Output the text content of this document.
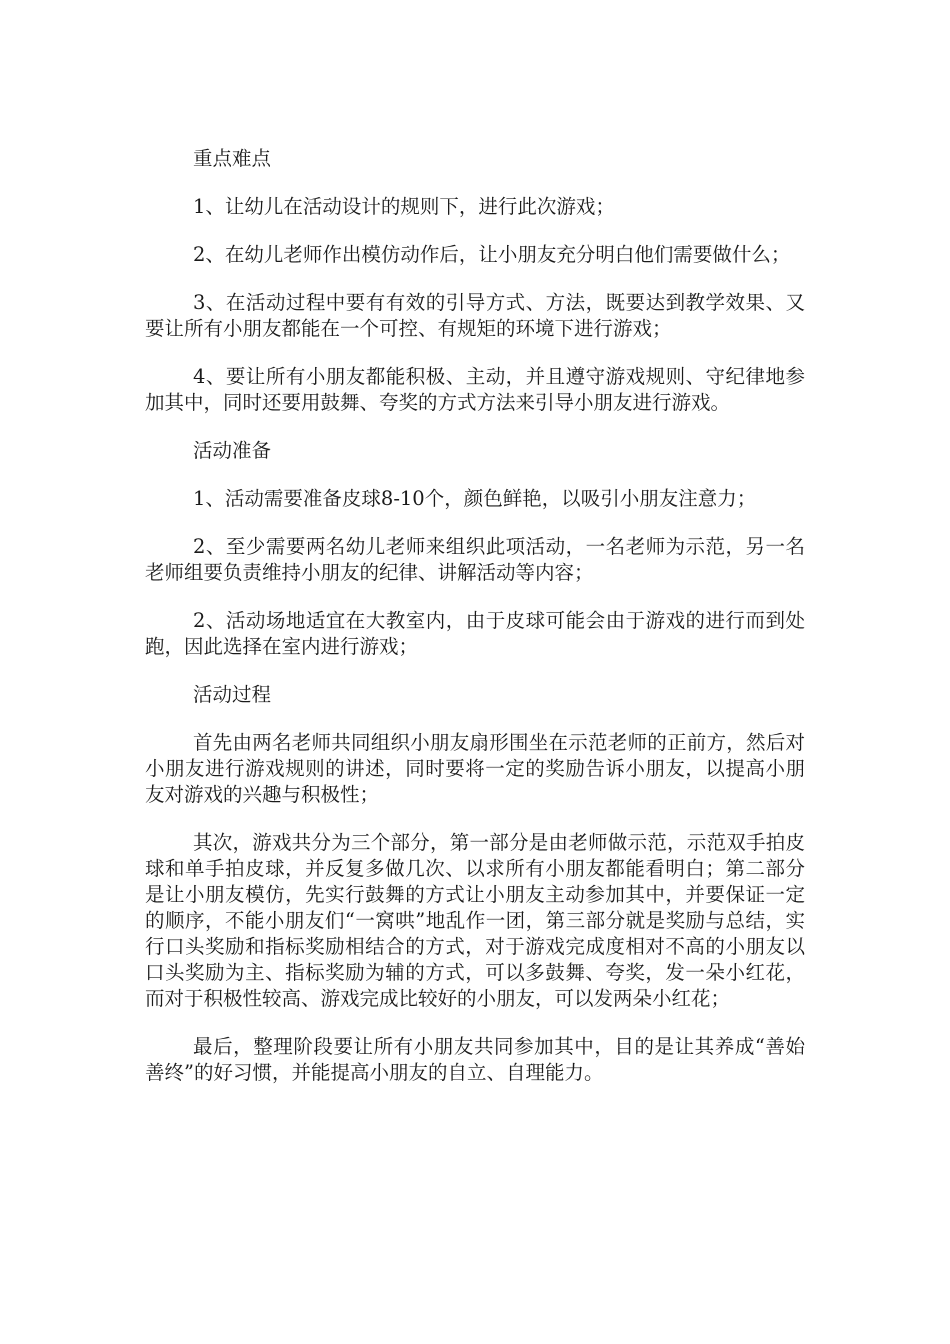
重点难点

1、让幼儿在活动设计的规则下，进行此次游戏；

2、在幼儿老师作出模仿动作后，让小朋友充分明白他们需要做什么；

3、在活动过程中要有有效的引导方式、方法，既要达到教学效果、又要让所有小朋友都能在一个可控、有规矩的环境下进行游戏；

4、要让所有小朋友都能积极、主动，并且遵守游戏规则、守纪律地参加其中，同时还要用鼓舞、夸奖的方式方法来引导小朋友进行游戏。

活动准备

1、活动需要准备皮球8-10个，颜色鲜艳，以吸引小朋友注意力；

2、至少需要两名幼儿老师来组织此项活动，一名老师为示范，另一名老师组要负责维持小朋友的纪律、讲解活动等内容；

2、活动场地适宜在大教室内，由于皮球可能会由于游戏的进行而到处跑，因此选择在室内进行游戏；

活动过程

首先由两名老师共同组织小朋友扇形围坐在示范老师的正前方，然后对小朋友进行游戏规则的讲述，同时要将一定的奖励告诉小朋友，以提高小朋友对游戏的兴趣与积极性；

其次，游戏共分为三个部分，第一部分是由老师做示范，示范双手拍皮球和单手拍皮球，并反复多做几次、以求所有小朋友都能看明白；第二部分是让小朋友模仿，先实行鼓舞的方式让小朋友主动参加其中，并要保证一定的顺序，不能小朋友们“一窝哄”地乱作一团，第三部分就是奖励与总结，实行口头奖励和指标奖励相结合的方式，对于游戏完成度相对不高的小朋友以口头奖励为主、指标奖励为辅的方式，可以多鼓舞、夸奖，发一朵小红花，而对于积极性较高、游戏完成比较好的小朋友，可以发两朵小红花；

最后，整理阶段要让所有小朋友共同参加其中，目的是让其养成“善始善终”的好习惯，并能提高小朋友的自立、自理能力。
